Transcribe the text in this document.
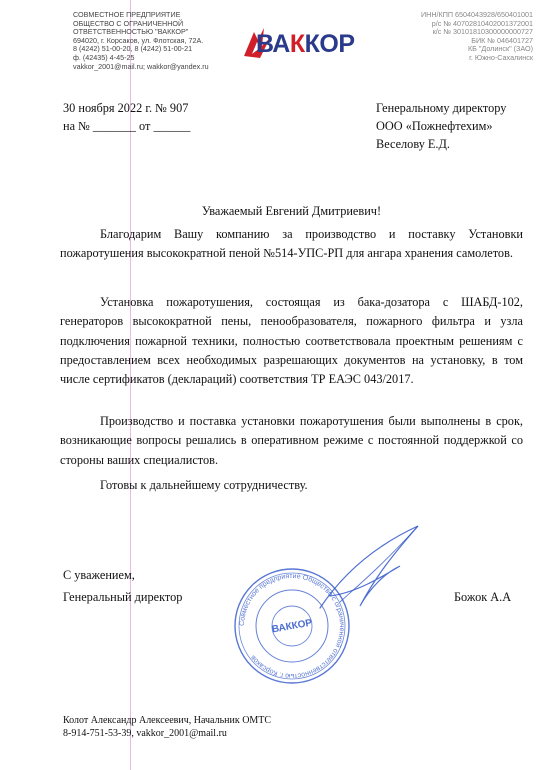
СОВМЕСТНОЕ ПРЕДПРИЯТИЕ
ОБЩЕСТВО С ОГРАНИЧЕННОЙ
ОТВЕТСТВЕННОСТЬЮ "ВАККОР"
694020, г. Корсаков, ул. Флотская, 72А.
8 (4242) 51-00-20, 8 (4242) 51-00-21
ф. (42435) 4-45-25
vakkor_2001@mail.ru; wakkor@yandex.ru
ВАККОР
ИНН/КПП 6504043928/650401001
р/с № 40702810402001372001
к/с № 30101810300000000727
БИК № 046401727
КБ "Долинск" (ЗАО)
г. Южно-Сахалинск
30 ноября 2022 г. № 907
на № _______ от ______
Генеральному директору
ООО «Пожнефтехим»
Веселову Е.Д.
Уважаемый Евгений Дмитриевич!
Благодарим Вашу компанию за производство и поставку Установки пожаротушения высокократной пеной №514-УПС-РП для ангара хранения самолетов.
Установка пожаротушения, состоящая из бака-дозатора с ШАБД-102, генераторов высокократной пены, пенообразователя, пожарного фильтра и узла подключения пожарной техники, полностью соответствовала проектным решениям с предоставлением всех необходимых разрешающих документов на установку, в том числе сертификатов (деклараций) соответствия ТР ЕАЭС 043/2017.
Производство и поставка установки пожаротушения были выполнены в срок, возникающие вопросы решались в оперативном режиме с постоянной поддержкой со стороны ваших специалистов.
Готовы к дальнейшему сотрудничеству.
С уважением,
Генеральный директор	Божок А.А
Совместное предприятие Общество с ограниченной ответственностью г. Корсаков
ВАККОР
Колот Александр Алексеевич, Начальник ОМТС
8-914-751-53-39, vakkor_2001@mail.ru
